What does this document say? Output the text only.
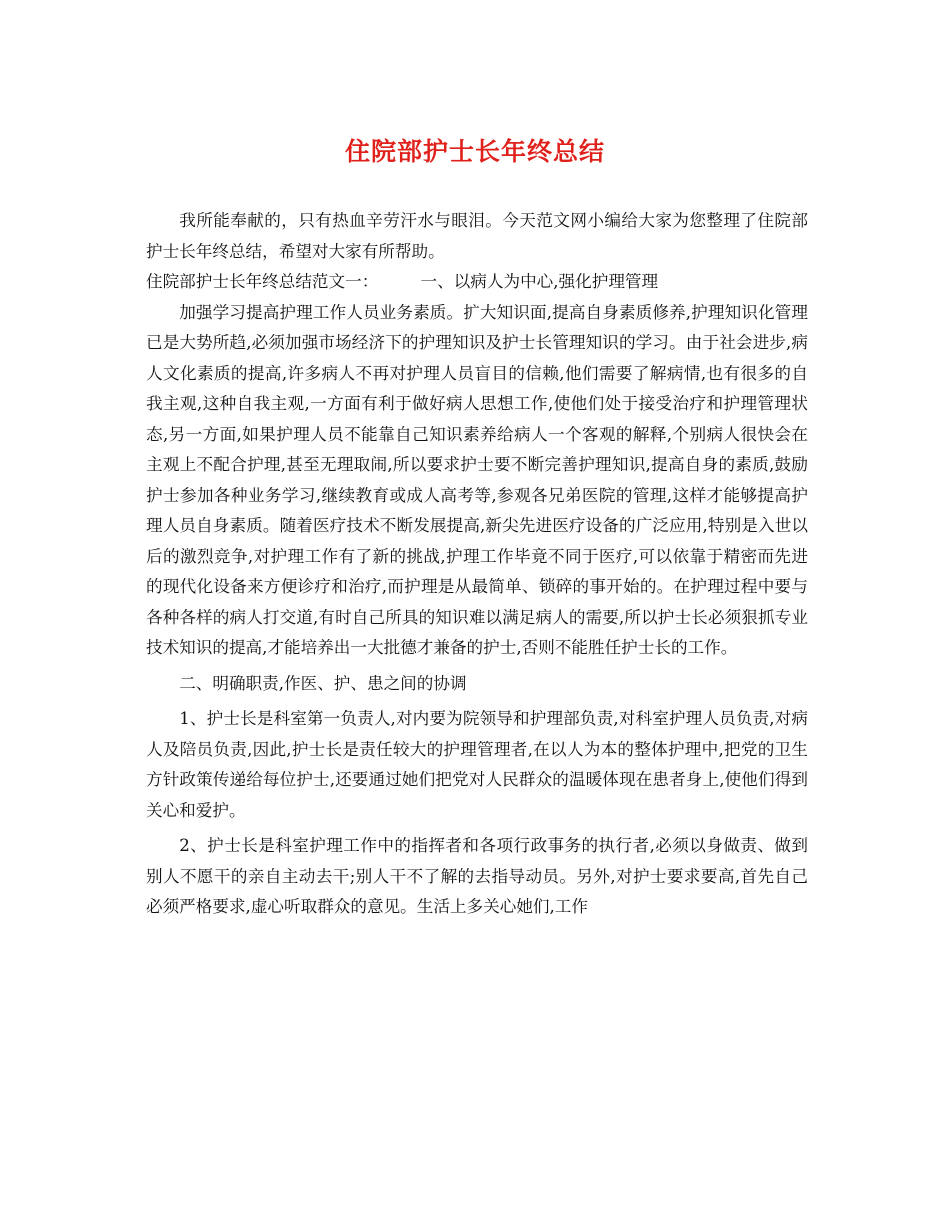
住院部护士长年终总结

我所能奉献的，只有热血辛劳汗水与眼泪。今天范文网小编给大家为您整理了住院部护士长年终总结，希望对大家有所帮助。

住院部护士长年终总结范文一：	一、以病人为中心,强化护理管理

加强学习提高护理工作人员业务素质。扩大知识面,提高自身素质修养,护理知识化管理已是大势所趋,必须加强市场经济下的护理知识及护士长管理知识的学习。由于社会进步,病人文化素质的提高,许多病人不再对护理人员盲目的信赖,他们需要了解病情,也有很多的自我主观,这种自我主观,一方面有利于做好病人思想工作,使他们处于接受治疗和护理管理状态,另一方面,如果护理人员不能靠自己知识素养给病人一个客观的解释,个别病人很快会在主观上不配合护理,甚至无理取闹,所以要求护士要不断完善护理知识,提高自身的素质,鼓励护士参加各种业务学习,继续教育或成人高考等,参观各兄弟医院的管理,这样才能够提高护理人员自身素质。随着医疗技术不断发展提高,新尖先进医疗设备的广泛应用,特别是入世以后的激烈竞争,对护理工作有了新的挑战,护理工作毕竟不同于医疗,可以依靠于精密而先进的现代化设备来方便诊疗和治疗,而护理是从最简单、锁碎的事开始的。在护理过程中要与各种各样的病人打交道,有时自己所具的知识难以满足病人的需要,所以护士长必须狠抓专业技术知识的提高,才能培养出一大批德才兼备的护士,否则不能胜任护士长的工作。

二、明确职责,作医、护、患之间的协调

1、护士长是科室第一负责人,对内要为院领导和护理部负责,对科室护理人员负责,对病人及陪员负责,因此,护士长是责任较大的护理管理者,在以人为本的整体护理中,把党的卫生方针政策传递给每位护士,还要通过她们把党对人民群众的温暖体现在患者身上,使他们得到关心和爱护。

2、护士长是科室护理工作中的指挥者和各项行政事务的执行者,必须以身做责、做到别人不愿干的亲自主动去干;别人干不了解的去指导动员。另外,对护士要求要高,首先自己必须严格要求,虚心听取群众的意见。生活上多关心她们,工作
